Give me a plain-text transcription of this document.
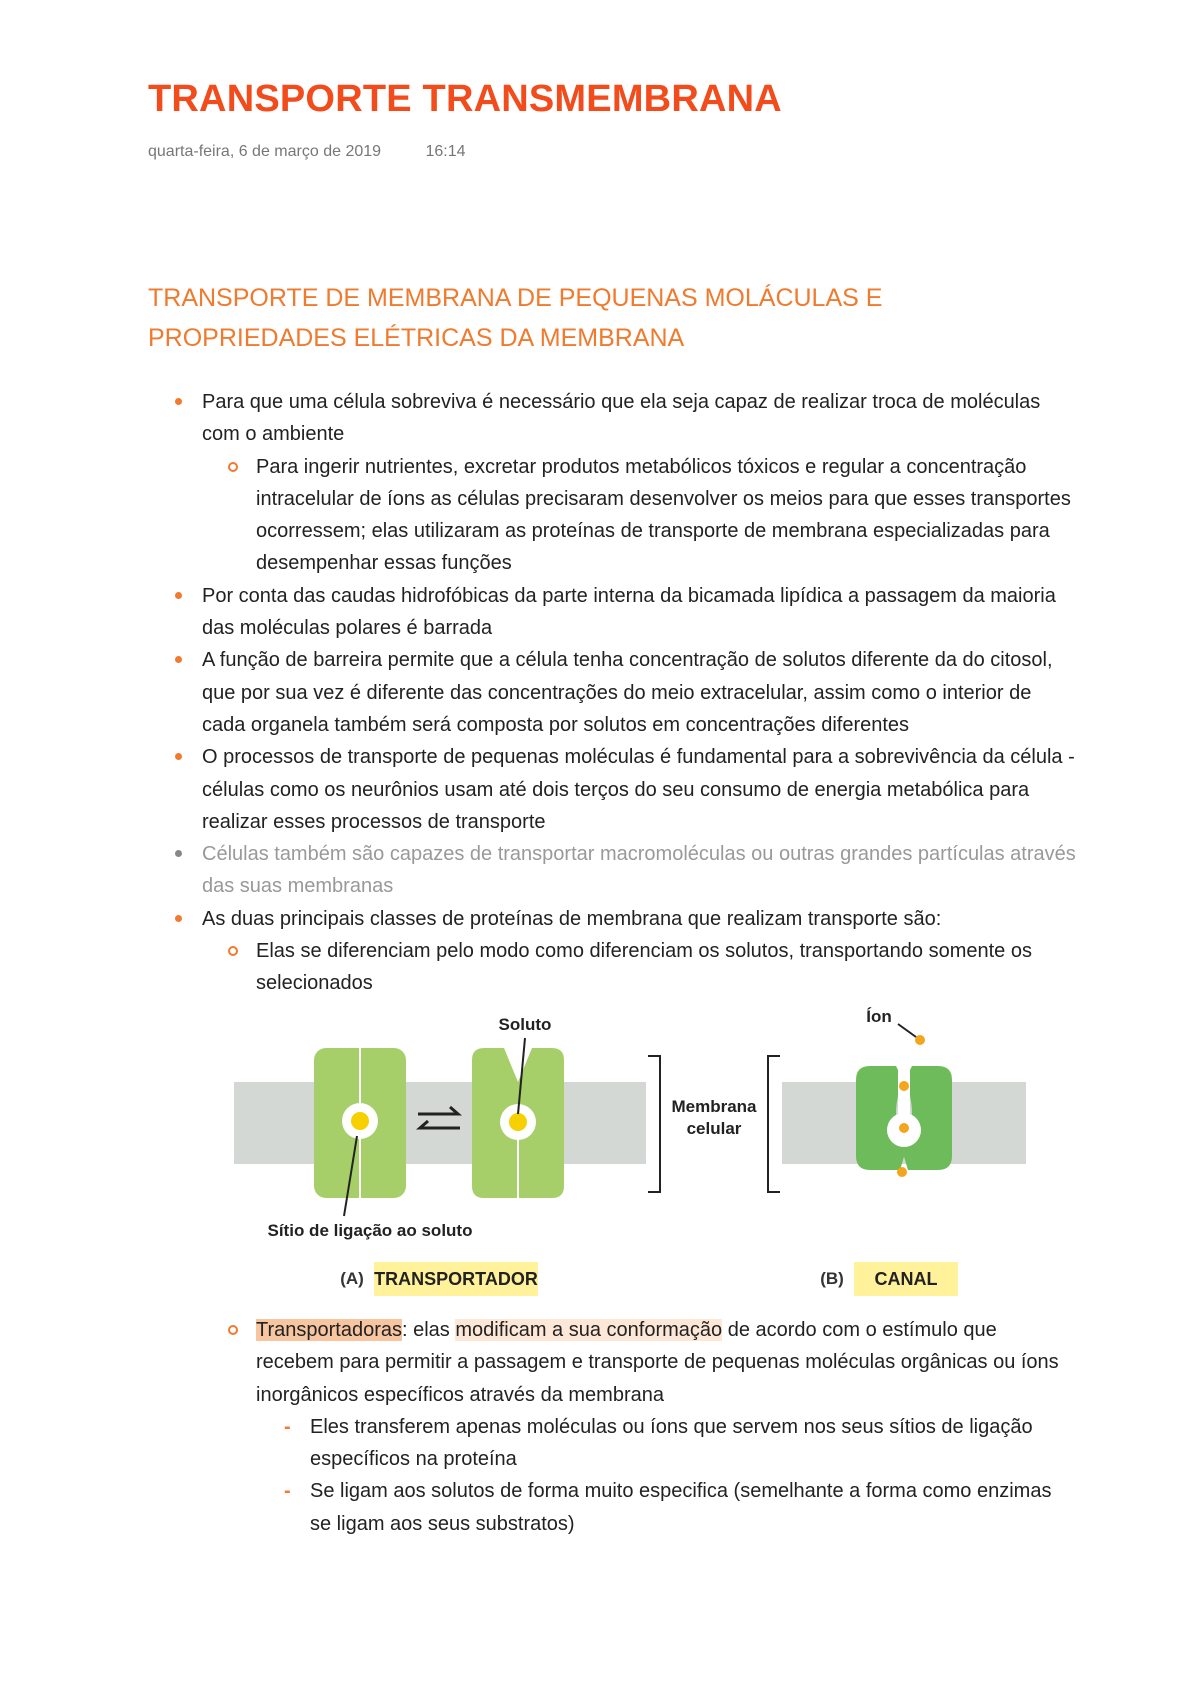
TRANSPORTE TRANSMEMBRANA
quarta-feira, 6 de março de 2019	16:14
TRANSPORTE DE MEMBRANA DE PEQUENAS MOLÁCULAS E PROPRIEDADES ELÉTRICAS DA MEMBRANA
Para que uma célula sobreviva é necessário que ela seja capaz de realizar troca de moléculas com o ambiente
Para ingerir nutrientes, excretar produtos metabólicos tóxicos e regular a concentração intracelular de íons as células precisaram desenvolver os meios para que esses transportes ocorressem; elas utilizaram as proteínas de transporte de membrana especializadas para desempenhar essas funções
Por conta das caudas hidrofóbicas da parte interna da bicamada lipídica a passagem da maioria das moléculas polares é barrada
A função de barreira permite que a célula tenha concentração de solutos diferente da do citosol, que por sua vez é diferente das concentrações do meio extracelular, assim como o interior de cada organela também será composta por solutos em concentrações diferentes
O processos de transporte de pequenas moléculas é fundamental para a sobrevivência da célula - células como os neurônios usam até dois terços do seu consumo de energia metabólica para realizar esses processos de transporte
Células também são capazes de transportar macromoléculas ou outras grandes partículas através das suas membranas
As duas principais classes de proteínas de membrana que realizam transporte são:
Elas se diferenciam pelo modo como diferenciam os solutos, transportando somente os selecionados
Soluto
Sítio de ligação ao soluto
Membrana
celular
Íon
(A) TRANSPORTADOR	(B) CANAL
Transportadoras: elas modificam a sua conformação de acordo com o estímulo que recebem para permitir a passagem e transporte de pequenas moléculas orgânicas ou íons inorgânicos específicos através da membrana
- Eles transferem apenas moléculas ou íons que servem nos seus sítios de ligação específicos na proteína
- Se ligam aos solutos de forma muito especifica (semelhante a forma como enzimas se ligam aos seus substratos)
